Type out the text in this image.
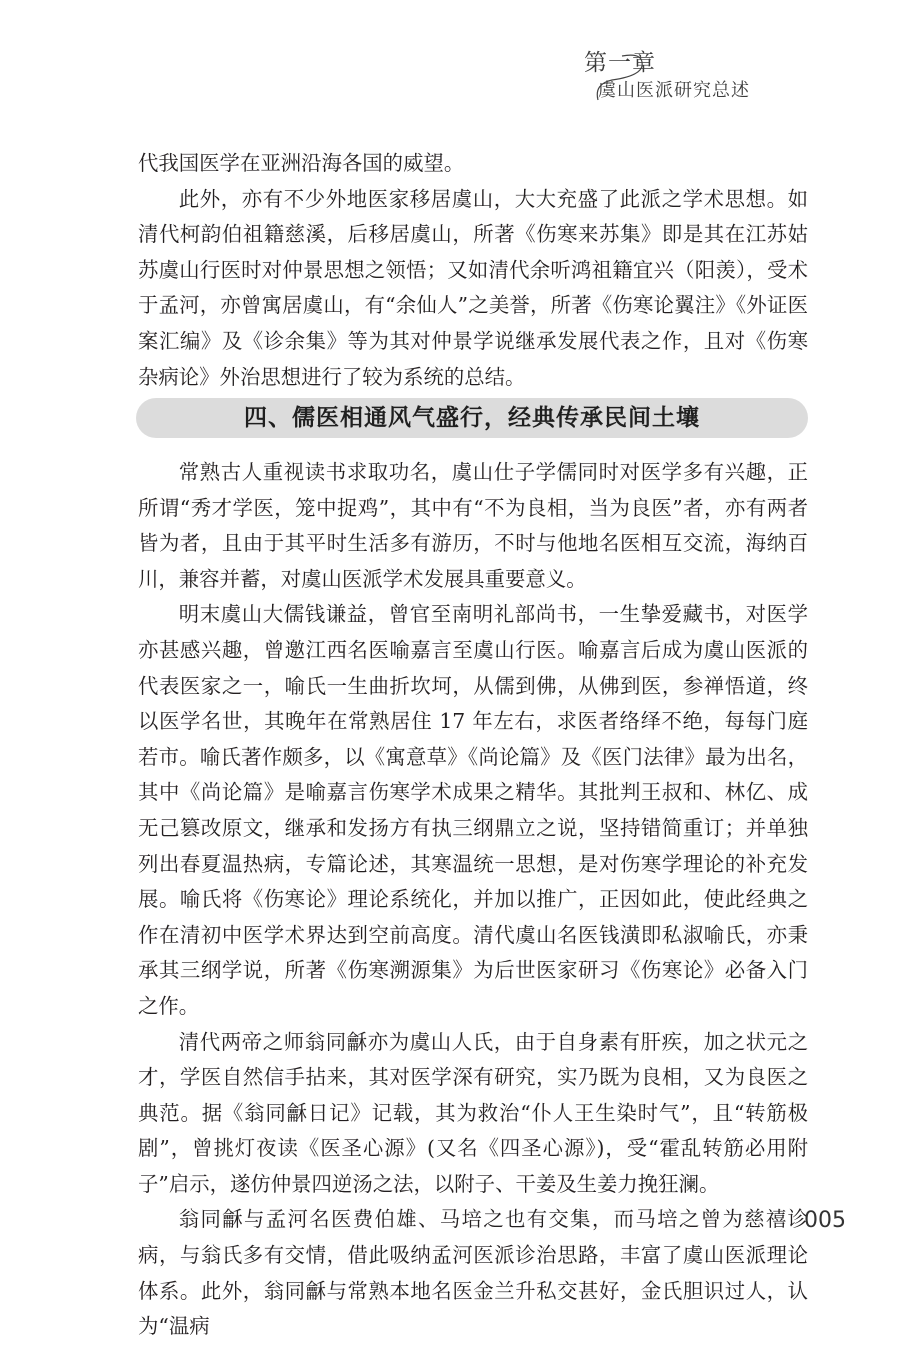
第一章
虞山医派研究总述

代我国医学在亚洲沿海各国的威望。

此外，亦有不少外地医家移居虞山，大大充盛了此派之学术思想。如清代柯韵伯祖籍慈溪，后移居虞山，所著《伤寒来苏集》即是其在江苏姑苏虞山行医时对仲景思想之领悟；又如清代余听鸿祖籍宜兴（阳羡），受术于孟河，亦曾寓居虞山，有“余仙人”之美誉，所著《伤寒论翼注》《外证医案汇编》及《诊余集》等为其对仲景学说继承发展代表之作，且对《伤寒杂病论》外治思想进行了较为系统的总结。

四、儒医相通风气盛行，经典传承民间土壤

常熟古人重视读书求取功名，虞山仕子学儒同时对医学多有兴趣，正所谓“秀才学医，笼中捉鸡”，其中有“不为良相，当为良医”者，亦有两者皆为者，且由于其平时生活多有游历，不时与他地名医相互交流，海纳百川，兼容并蓄，对虞山医派学术发展具重要意义。

明末虞山大儒钱谦益，曾官至南明礼部尚书，一生挚爱藏书，对医学亦甚感兴趣，曾邀江西名医喻嘉言至虞山行医。喻嘉言后成为虞山医派的代表医家之一，喻氏一生曲折坎坷，从儒到佛，从佛到医，参禅悟道，终以医学名世，其晚年在常熟居住 17 年左右，求医者络绎不绝，每每门庭若市。喻氏著作颇多，以《寓意草》《尚论篇》及《医门法律》最为出名，其中《尚论篇》是喻嘉言伤寒学术成果之精华。其批判王叔和、林亿、成无己篡改原文，继承和发扬方有执三纲鼎立之说，坚持错简重订；并单独列出春夏温热病，专篇论述，其寒温统一思想，是对伤寒学理论的补充发展。喻氏将《伤寒论》理论系统化，并加以推广，正因如此，使此经典之作在清初中医学术界达到空前高度。清代虞山名医钱潢即私淑喻氏，亦秉承其三纲学说，所著《伤寒溯源集》为后世医家研习《伤寒论》必备入门之作。

清代两帝之师翁同龢亦为虞山人氏，由于自身素有肝疾，加之状元之才，学医自然信手拈来，其对医学深有研究，实乃既为良相，又为良医之典范。据《翁同龢日记》记载，其为救治“仆人王生染时气”，且“转筋极剧”，曾挑灯夜读《医圣心源》(又名《四圣心源》)，受“霍乱转筋必用附子”启示，遂仿仲景四逆汤之法，以附子、干姜及生姜力挽狂澜。

翁同龢与孟河名医费伯雄、马培之也有交集，而马培之曾为慈禧诊病，与翁氏多有交情，借此吸纳孟河医派诊治思路，丰富了虞山医派理论体系。此外，翁同龢与常熟本地名医金兰升私交甚好，金氏胆识过人，认为“温病

005
